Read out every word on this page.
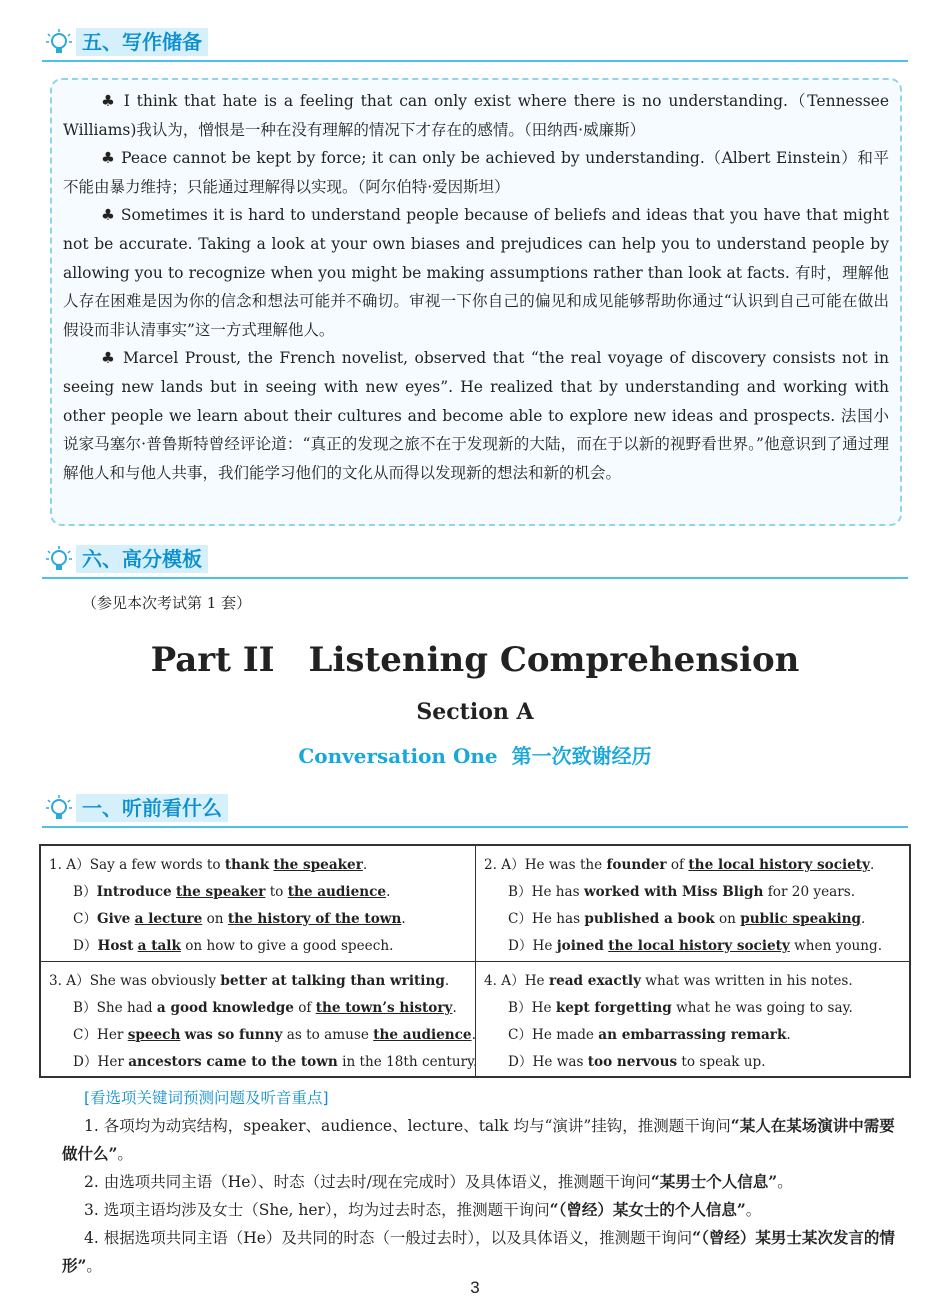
五、写作储备

♣ I think that hate is a feeling that can only exist where there is no understanding.（Tennessee Williams)我认为，憎恨是一种在没有理解的情况下才存在的感情。（田纳西·威廉斯）

♣ Peace cannot be kept by force; it can only be achieved by understanding.（Albert Einstein）和平不能由暴力维持；只能通过理解得以实现。（阿尔伯特·爱因斯坦）

♣ Sometimes it is hard to understand people because of beliefs and ideas that you have that might not be accurate. Taking a look at your own biases and prejudices can help you to understand people by allowing you to recognize when you might be making assumptions rather than look at facts. 有时，理解他人存在困难是因为你的信念和想法可能并不确切。审视一下你自己的偏见和成见能够帮助你通过“认识到自己可能在做出假设而非认清事实”这一方式理解他人。

♣ Marcel Proust, the French novelist, observed that “the real voyage of discovery consists not in seeing new lands but in seeing with new eyes”. He realized that by understanding and working with other people we learn about their cultures and become able to explore new ideas and prospects. 法国小说家马塞尔·普鲁斯特曾经评论道：“真正的发现之旅不在于发现新的大陆，而在于以新的视野看世界。”他意识到了通过理解他人和与他人共事，我们能学习他们的文化从而得以发现新的想法和新的机会。

六、高分模板
（参见本次考试第 1 套）
Part II　Listening Comprehension
Section A
Conversation One 第一次致谢经历
一、听前看什么
1. A）Say a few words to thank the speaker.
B）Introduce the speaker to the audience.
C）Give a lecture on the history of the town.
D）Host a talk on how to give a good speech.
2. A）He was the founder of the local history society.
B）He has worked with Miss Bligh for 20 years.
C）He has published a book on public speaking.
D）He joined the local history society when young.
3. A）She was obviously better at talking than writing.
B）She had a good knowledge of the town’s history.
C）Her speech was so funny as to amuse the audience.
D）Her ancestors came to the town in the 18th century.
4. A）He read exactly what was written in his notes.
B）He kept forgetting what he was going to say.
C）He made an embarrassing remark.
D）He was too nervous to speak up.
[看选项关键词预测问题及听音重点]

1. 各项均为动宾结构，speaker、audience、lecture、talk 均与“演讲”挂钩，推测题干询问“某人在某场演讲中需要做什么”。

2. 由选项共同主语（He）、时态（过去时/现在完成时）及具体语义，推测题干询问“某男士个人信息”。

3. 选项主语均涉及女士（She, her），均为过去时态，推测题干询问“（曾经）某女士的个人信息”。

4. 根据选项共同主语（He）及共同的时态（一般过去时），以及具体语义，推测题干询问“（曾经）某男士某次发言的情形”。

3
